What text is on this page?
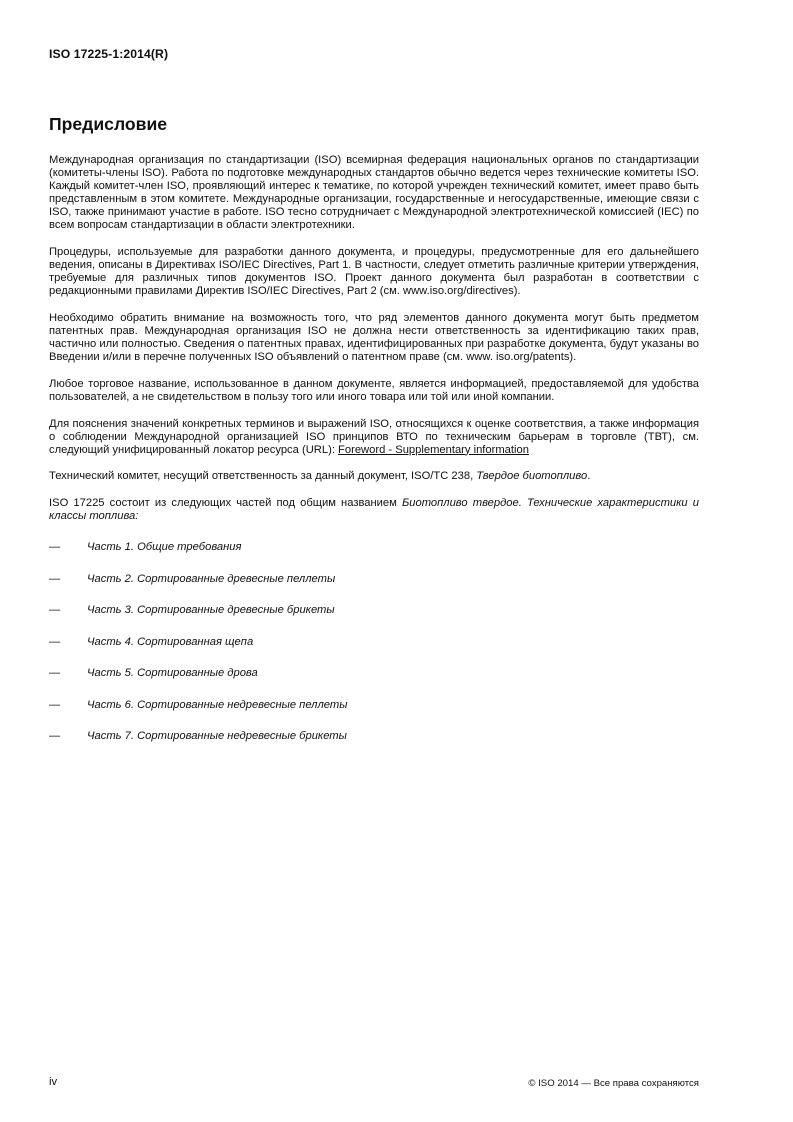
ISO 17225-1:2014(R)
Предисловие

Международная организация по стандартизации (ISO) всемирная федерация национальных органов по стандартизации (комитеты-члены ISO). Работа по подготовке международных стандартов обычно ведется через технические комитеты ISO. Каждый комитет-член ISO, проявляющий интерес к тематике, по которой учрежден технический комитет, имеет право быть представленным в этом комитете. Международные организации, государственные и негосударственные, имеющие связи с ISO, также принимают участие в работе. ISO тесно сотрудничает с Международной электротехнической комиссией (IEC) по всем вопросам стандартизации в области электротехники.

Процедуры, используемые для разработки данного документа, и процедуры, предусмотренные для его дальнейшего ведения, описаны в Директивах ISO/IEC Directives, Part 1. В частности, следует отметить различные критерии утверждения, требуемые для различных типов документов ISO. Проект данного документа был разработан в соответствии с редакционными правилами Директив ISO/IEC Directives, Part 2 (см. www.iso.org/directives).

Необходимо обратить внимание на возможность того, что ряд элементов данного документа могут быть предметом патентных прав. Международная организация ISO не должна нести ответственность за идентификацию таких прав, частично или полностью. Сведения о патентных правах, идентифицированных при разработке документа, будут указаны во Введении и/или в перечне полученных ISO объявлений о патентном праве (см. www. iso.org/patents).

Любое торговое название, использованное в данном документе, является информацией, предоставляемой для удобства пользователей, а не свидетельством в пользу того или иного товара или той или иной компании.

Для пояснения значений конкретных терминов и выражений ISO, относящихся к оценке соответствия, а также информация о соблюдении Международной организацией ISO принципов ВТО по техническим барьерам в торговле (ТВТ), см. следующий унифицированный локатор ресурса (URL): Foreword - Supplementary information

Технический комитет, несущий ответственность за данный документ, ISO/TC 238, Твердое биотопливо.

ISO 17225 состоит из следующих частей под общим названием Биотопливо твердое. Технические характеристики и классы топлива:

— Часть 1. Общие требования
— Часть 2. Сортированные древесные пеллеты
— Часть 3. Сортированные древесные брикеты
— Часть 4. Сортированная щепа
— Часть 5. Сортированные дрова
— Часть 6. Сортированные недревесные пеллеты
— Часть 7. Сортированные недревесные брикеты
iv	© ISO 2014 — Все права сохраняются
